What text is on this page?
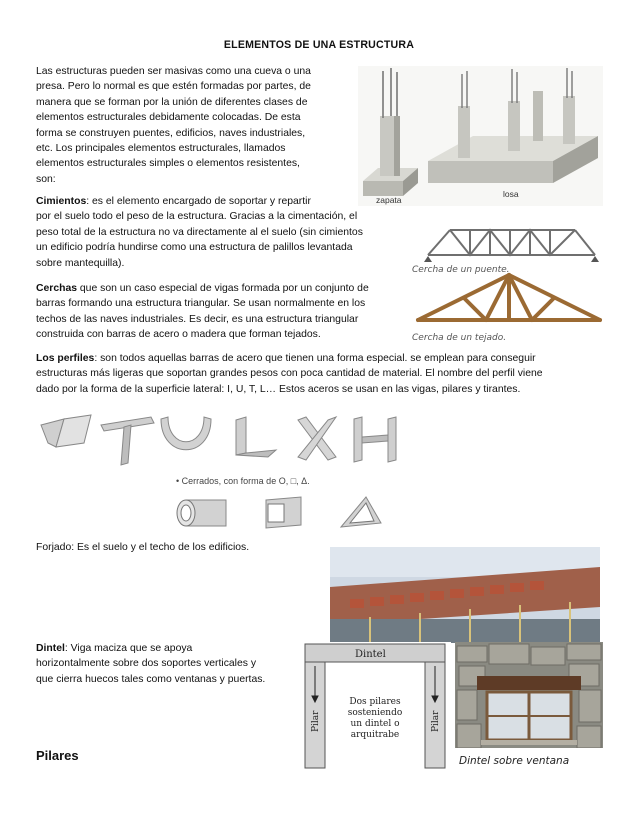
ELEMENTOS DE UNA ESTRUCTURA
Las estructuras pueden ser masivas como una cueva o una
presa. Pero lo normal es que estén formadas por partes, de
manera que se forman por la unión de diferentes clases de
elementos estructurales debidamente colocadas. De esta
forma se construyen puentes, edificios, naves industriales,
etc. Los principales elementos estructurales, llamados
elementos estructurales simples o elementos resistentes,
son:
Cimientos: es el elemento encargado de soportar y repartir
por el suelo todo el peso de la estructura. Gracias a la cimentación, el
peso total de la estructura no va directamente al el suelo (sin cimientos
un edificio podría hundirse como una estructura de palillos levantada
sobre mantequilla).
Cerchas que son un caso especial de vigas formada por un conjunto de
barras formando una estructura triangular. Se usan normalmente en los
techos de las naves industriales. Es decir, es una estructura triangular
construida con barras de acero o madera que forman tejados.
Los perfiles: son todos aquellas barras de acero que tienen una forma especial. se emplean para conseguir
estructuras más ligeras que soportan grandes pesos con poca cantidad de material. El nombre del perfil viene
dado por la forma de la superficie lateral: I, U, T, L… Estos aceros se usan en las vigas, pilares y tirantes.
Forjado: Es el suelo y el techo de los edificios.
Dintel: Viga maciza que se apoya
horizontalmente sobre dos soportes verticales y
que cierra huecos tales como ventanas y puertas.
Pilares
zapata
losa
Cercha de un puente.
Cercha de un tejado.
• Cerrados, con forma de O, □, Δ.
Dintel
Pilar	Pilar
Dos pilares
sosteniendo
un dintel o
arquitrabe
Dintel sobre ventana
